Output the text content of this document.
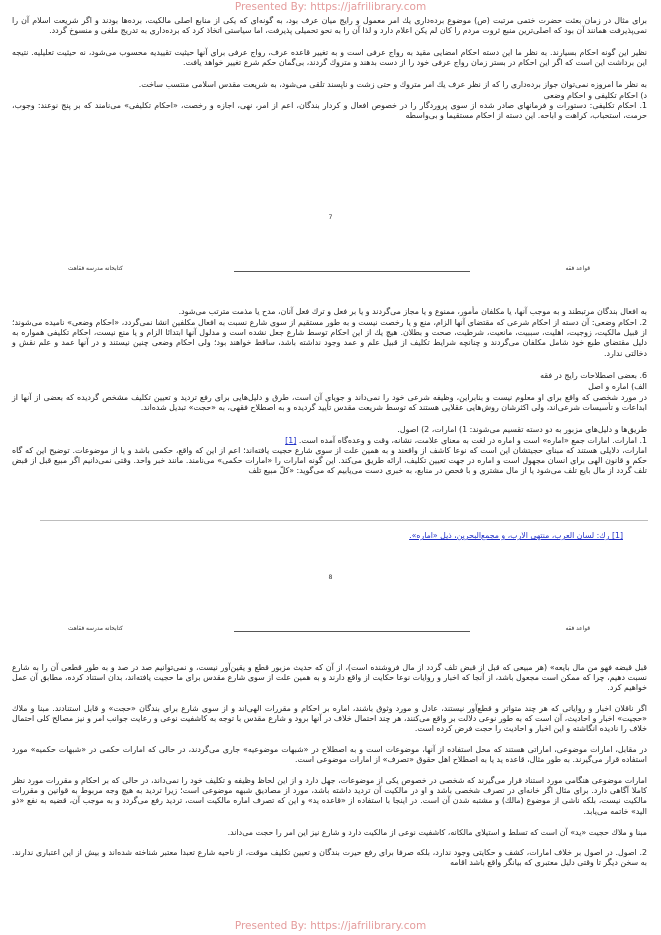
Presented By: https://jafrilibrary.com
برای مثال در زمان بعثت حضرت ختمی مرتبت (ص) موضوع برده‌داری یك امر معمول و رایج میان عرف بود، به گونه‌ای كه یكی از منابع اصلی مالكیت، برده‌ها بودند و اگر شریعت اسلام آن را نمی‌پذیرفت همانند آن بود كه اصلی‌ترین منبع ثروت مردم را كان لم یكن اعلام دارد و لذا آن را به نحو تحمیلی پذیرفت، اما سیاستی اتخاذ كرد كه برده‌داری به تدریج ملغی و منسوخ گردد.
نظیر این گونه احكام بسیارند. به نظر ما این دسته احكام امضایی مقید به رواج عرفی است و به تغییر قاعده عرف، رواج عرفی برای آنها حیثیت تقییدیه محسوب می‌شود، نه حیثیت تعلیلیه. نتیجه این برداشت این است كه اگر این احكام در بستر زمان رواج عرفی خود را از دست بدهند و متروك گردند، بی‌گمان حكم شرع تغییر خواهد یافت.
به نظر ما امروزه نمی‌توان جواز برده‌داری را كه از نظر عرف یك امر متروك و حتی زشت و ناپسند تلقی می‌شود، به شریعت مقدس اسلامی منتسب ساخت.
د) احكام تكلیفی و احكام وضعی
1. احكام تكلیفی: دستورات و فرمانهای صادر شده از سوی پروردگار را در خصوص افعال و كردار بندگان، اعم از امر، نهی، اجازه و رخصت، «احكام تكلیفی» می‌نامند كه بر پنج نوعند: وجوب، حرمت، استحباب، كراهت و اباحه. این دسته از احكام مستقیما و بی‌واسطه
7
قواعد فقه
كتابخانه مدرسه فقاهت
به افعال بندگان مرتبطند و به موجب آنها، یا مكلفان مأمور، ممنوع و یا مجاز می‌گردند و یا بر فعل و ترك فعل آنان، مدح یا مذمت مترتب می‌شود.
2. احكام وضعی: آن دسته از احكام شرعی كه مقتضای آنها الزام، منع و یا رخصت نیست و به طور مستقیم از سوی شارع نسبت به افعال مكلفین انشا نمی‌گردد، «احكام وضعی» نامیده می‌شوند؛ از قبیل مالكیت، زوجیت، اهلیت، سببیت، مانعیت، شرطیت، صحت و بطلان. هیچ یك از این احكام توسط شارع جعل نشده است و مدلول آنها ابتدائا الزام و یا منع نیست، احكام تكلیفی همواره به دلیل مقتضای طبع خود شامل مكلفان می‌گردند و چنانچه شرایط تكلیف از قبیل علم و عمد وجود نداشته باشد، ساقط خواهند بود؛ ولی احكام وضعی چنین نیستند و در آنها عمد و علم نقش و دخالتی ندارد.
6. بعضی اصطلاحات رایج در فقه
الف) اماره و اصل
در مورد شخصی كه واقع برای او معلوم نیست و بنابراین، وظیفه شرعی خود را نمی‌داند و جویای آن است، طرق و دلیل‌هایی برای رفع تردید و تعیین تكلیف مشخص گردیده كه بعضی از آنها از ابداعات و تأسیسات شرعی‌اند، ولی اكثرشان روش‌هایی عقلایی هستند كه توسط شریعت مقدس تأیید گردیده و به اصطلاح فقهی، به «حجت» تبدیل شده‌اند.
طریق‌ها و دلیل‌های مزبور به دو دسته تقسیم می‌شوند: 1) امارات، 2) اصول.
1. امارات. امارات جمع «اماره» است و اماره در لغت به معنای علامت، نشانه، وقت و وعده‌گاه آمده است. [1]
امارات، دلایلی هستند كه مبنای حجیتشان این است كه نوعا كاشف از واقعند و به همین علت از سوی شارع حجیت یافته‌اند؛ اعم از این كه واقع، حكمی باشد و یا از موضوعات. توضیح این كه گاه حكم و قانون الهی برای انسان مجهول است و اماره در جهت تعیین تكلیف، ارائه طریق می‌كند. این گونه امارات را «امارات حكمی» می‌نامند. مانند خبر واحد. وقتی نمی‌دانیم اگر مبیع قبل از قبض تلف گردد از مال بایع تلف می‌شود یا از مال مشتری و با فحص در منابع، به خبری دست می‌یابیم كه می‌گوید: «كلّ مبیع تلف
[1] رك: لسان العرب، منتهی الارب، و مجمع‌البحرین، ذیل «اماره».
8
قواعد فقه
كتابخانه مدرسه فقاهت
قبل قبضه فهو من مال بایعه» (هر مبیعی كه قبل از قبض تلف گردد از مال فروشنده است)، از آن كه حدیث مزبور قطع و یقین‌آور نیست، و نمی‌توانیم صد در صد و به طور قطعی آن را به شارع نسبت دهیم، چرا كه ممكن است مجعول باشد، از آنجا كه اخبار و روایات نوعا حكایت از واقع دارند و به همین علت از سوی شارع مقدس برای ما حجیت یافته‌اند، بدان استناد كرده، مطابق آن عمل خواهیم كرد.
اگر ناقلان اخبار و روایاتی كه هر چند متواتر و قطع‌آور نیستند، عادل و مورد وثوق باشند، اماره بر احكام و مقررات الهی‌اند و از سوی شارع برای بندگان «حجت» و قابل استنادند. مبنا و ملاك «حجیت» اخبار و احادیث، آن است كه به طور نوعی دلالت بر واقع می‌كنند، هر چند احتمال خلاف در آنها برود و شارع مقدس با توجه به كاشفیت نوعی و رعایت جوانب امر و نیز مصالح كلی احتمال خلاف را نادیده انگاشته و این اخبار و احادیث را حجت فرض كرده است.
در مقابل، امارات موضوعی، اماراتی هستند كه محل استفاده از آنها، موضوعات است و به اصطلاح در «شبهات موضوعیه» جاری می‌گردند، در حالی كه امارات حكمی در «شبهات حكمیه» مورد استفاده قرار می‌گیرند. به طور مثال، قاعده ید یا به اصطلاح اهل حقوق «تصرف» از امارات موضوعی است.
امارات موضوعی هنگامی مورد استناد قرار می‌گیرند كه شخصی در خصوص یكی از موضوعات، جهل دارد و از این لحاظ وظیفه و تكلیف خود را نمی‌داند، در حالی كه بر احكام و مقررات مورد نظر كاملا آگاهی دارد. برای مثال اگر خانه‌ای در تصرف شخصی باشد و او در مالكیت آن تردید داشته باشد، مورد از مصادیق شبهه موضوعی است؛ زیرا تردید به هیچ وجه مربوط به قوانین و مقررات مالكیت نیست، بلكه ناشی از موضوع (مالك) و مشتبه شدن آن است. در اینجا با استفاده از «قاعده ید» و این كه تصرف اماره مالكیت است، تردید رفع می‌گردد و به موجب آن، قضیه به نفع «ذو الید» خاتمه می‌یابد.
مبنا و ملاك حجیت «ید» آن است كه تسلط و استیلای مالكانه، كاشفیت نوعی از مالكیت دارد و شارع نیز این امر را حجت می‌داند.
2. اصول. در اصول بر خلاف امارات، كشف و حكایتی وجود ندارد، بلكه صرفا برای رفع حیرت بندگان و تعیین تكلیف موقت، از ناحیه شارع تعبدا معتبر شناخته شده‌اند و بیش از این اعتباری ندارند. به سخن دیگر تا وقتی دلیل معتبری كه بیانگر واقع باشد اقامه
Presented By: https://jafrilibrary.com
